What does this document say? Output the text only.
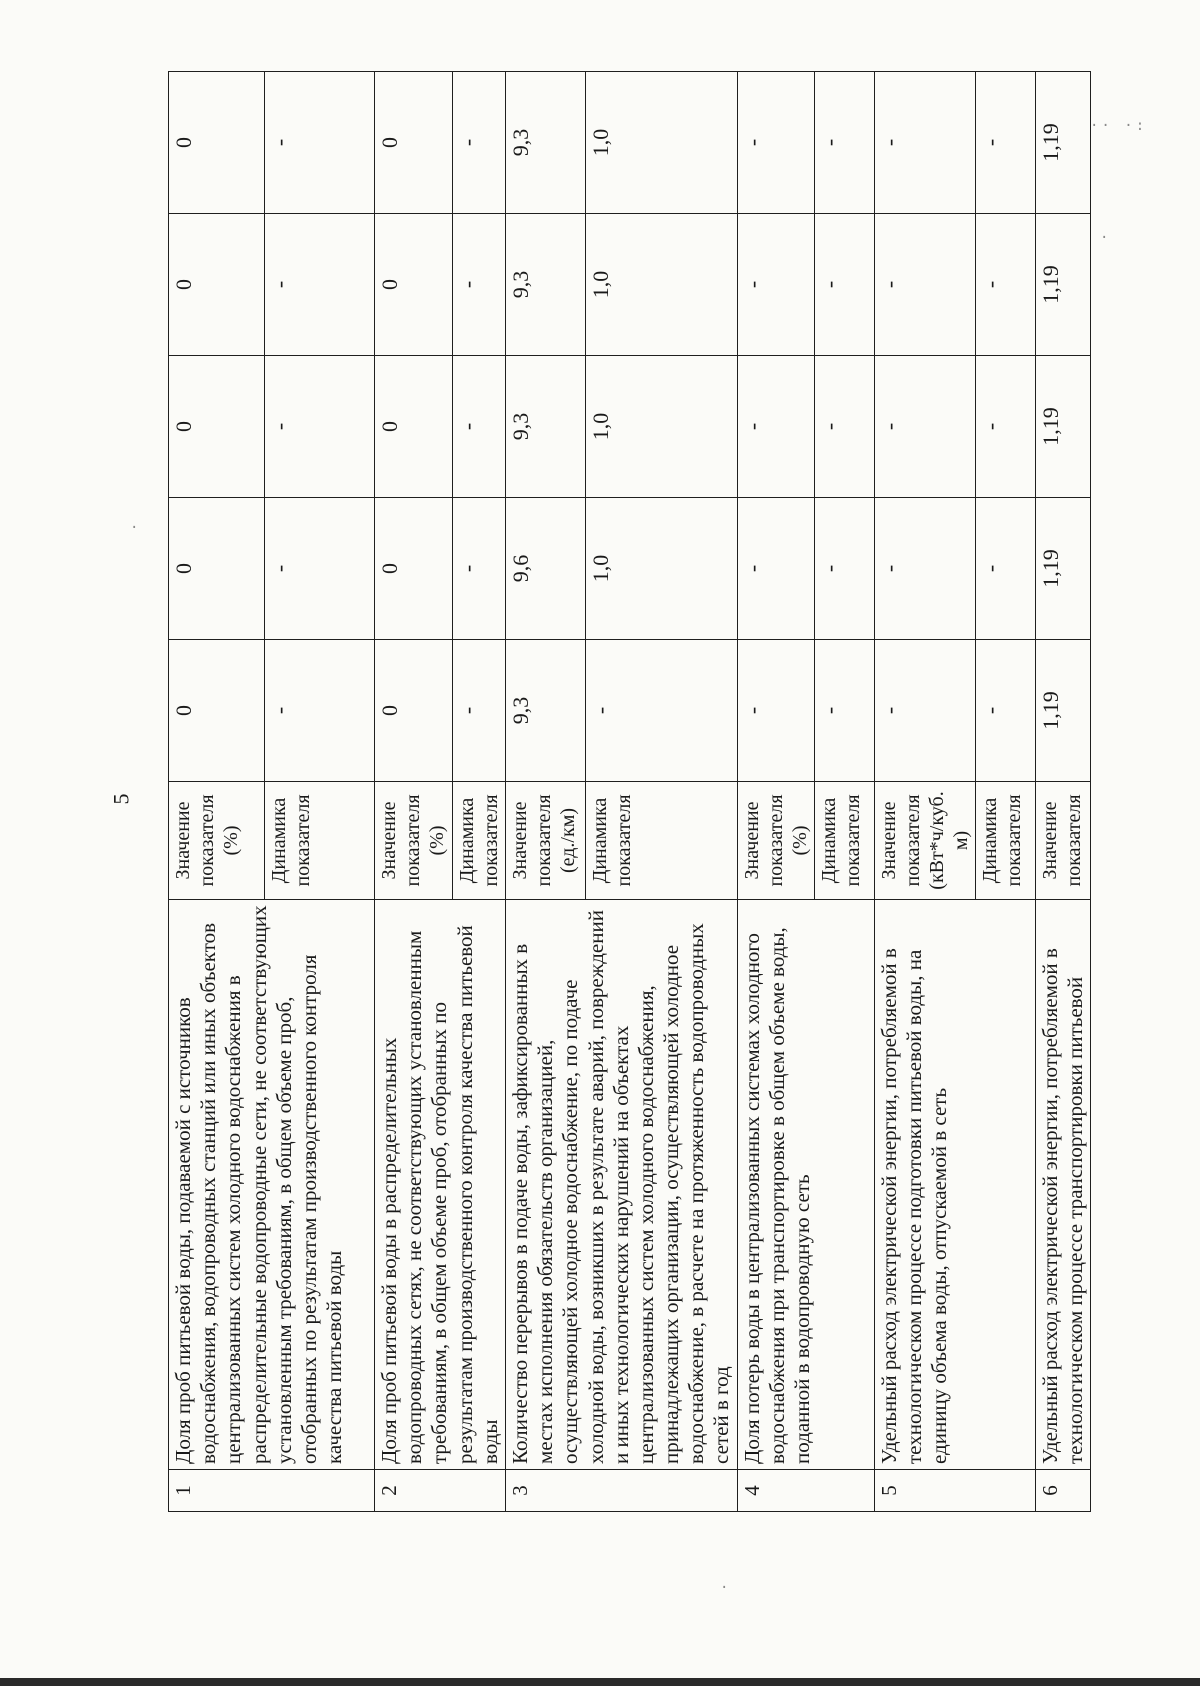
5
1	Доля проб питьевой воды, подаваемой с источников водоснабжения, водопроводных станций или иных объектов централизованных систем холодного водоснабжения в распределительные водопроводные сети, не соответствующих установленным требованиям, в общем объеме проб, отобранных по результатам производственного контроля качества питьевой воды	Значение показателя (%)	0	0	0	0	0
		Динамика показателя	-	-	-	-	-
2	Доля проб питьевой воды в распределительных водопроводных сетях, не соответствующих установленным требованиям, в общем объеме проб, отобранных по результатам производственного контроля качества питьевой воды	Значение показателя (%)	0	0	0	0	0
		Динамика показателя	-	-	-	-	-
3	Количество перерывов в подаче воды, зафиксированных в местах исполнения обязательств организацией, осуществляющей холодное водоснабжение, по подаче холодной воды, возникших в результате аварий, повреждений и иных технологических нарушений на объектах централизованных систем холодного водоснабжения, принадлежащих организации, осуществляющей холодное водоснабжение, в расчете на протяженность водопроводных сетей в год	Значение показателя (ед./км)	9,3	9,6	9,3	9,3	9,3
		Динамика показателя	-	1,0	1,0	1,0	1,0
4	Доля потерь воды в централизованных системах холодного водоснабжения при транспортировке в общем объеме воды, поданной в водопроводную сеть	Значение показателя (%)	-	-	-	-	-
		Динамика показателя	-	-	-	-	-
5	Удельный расход электрической энергии, потребляемой в технологическом процессе подготовки питьевой воды, на единицу объема воды, отпускаемой в сеть	Значение показателя (кВт*ч/куб. м)	-	-	-	-	-
		Динамика показателя	-	-	-	-	-
6	Удельный расход электрической энергии, потребляемой в технологическом процессе транспортировки питьевой	Значение показателя	1,19	1,19	1,19	1,19	1,19 ·· ·:
·
·
·
